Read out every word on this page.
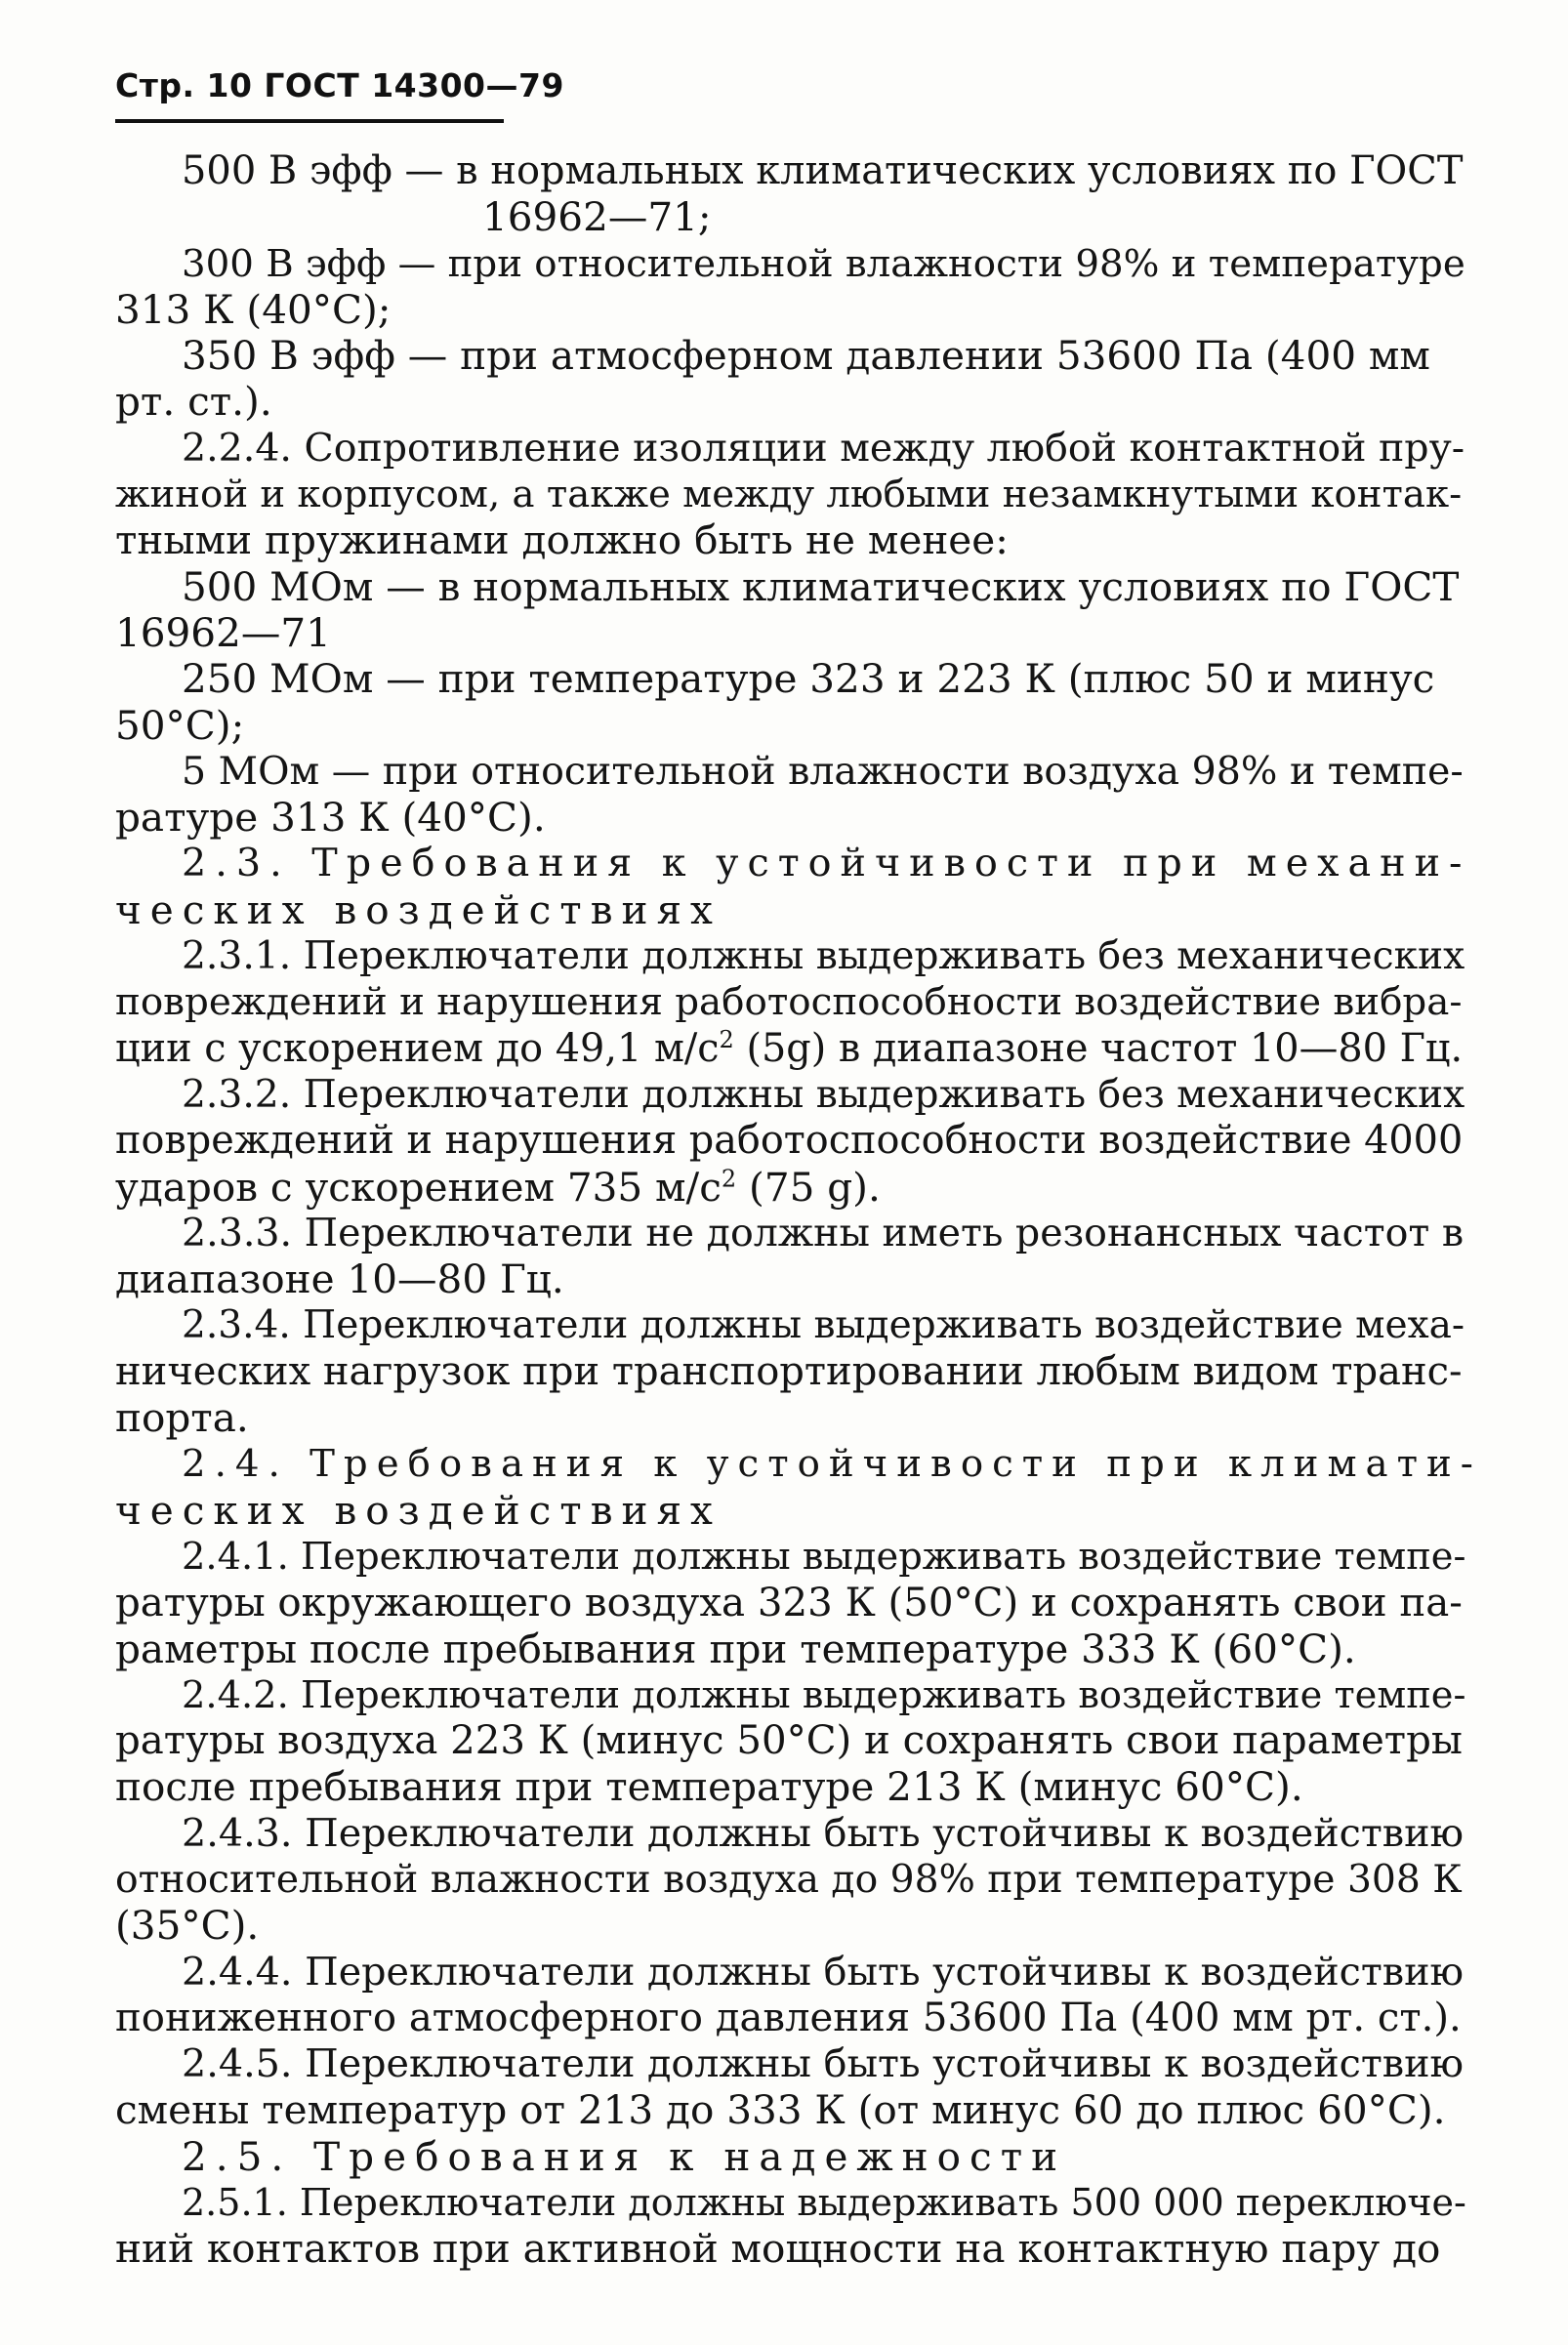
Стр. 10 ГОСТ 14300—79
500 В эфф — в нормальных климатических условиях по ГОСТ
16962—71;
300 В эфф — при относительной влажности 98% и температуре
313 К (40°С);
350 В эфф — при атмосферном давлении 53600 Па (400 мм
рт. ст.).
2.2.4. Сопротивление изоляции между любой контактной пру-
жиной и корпусом, а также между любыми незамкнутыми контак-
тными пружинами должно быть не менее:
500 МОм — в нормальных климатических условиях по ГОСТ
16962—71
250 МОм — при температуре 323 и 223 К (плюс 50 и минус
50°С);
5 МОм — при относительной влажности воздуха 98% и темпе-
ратуре 313 К (40°С).
2.3. Требования к устойчивости при механи-
ческих воздействиях
2.3.1. Переключатели должны выдерживать без механических
повреждений и нарушения работоспособности воздействие вибра-
ции с ускорением до 49,1 $м/с^2$ (5g) в диапазоне частот 10—80 Гц.
2.3.2. Переключатели должны выдерживать без механических
повреждений и нарушения работоспособности воздействие 4000
ударов с ускорением 735 $м/с^2$ (75 g).
2.3.3. Переключатели не должны иметь резонансных частот в
диапазоне 10—80 Гц.
2.3.4. Переключатели должны выдерживать воздействие меха-
нических нагрузок при транспортировании любым видом транс-
порта.
2.4. Требования к устойчивости при климати-
ческих воздействиях
2.4.1. Переключатели должны выдерживать воздействие темпе-
ратуры окружающего воздуха 323 К (50°С) и сохранять свои па-
раметры после пребывания при температуре 333 К (60°С).
2.4.2. Переключатели должны выдерживать воздействие темпе-
ратуры воздуха 223 К (минус 50°С) и сохранять свои параметры
после пребывания при температуре 213 К (минус 60°С).
2.4.3. Переключатели должны быть устойчивы к воздействию
относительной влажности воздуха до 98% при температуре 308 К
(35°С).
2.4.4. Переключатели должны быть устойчивы к воздействию
пониженного атмосферного давления 53600 Па (400 мм рт. ст.).
2.4.5. Переключатели должны быть устойчивы к воздействию
смены температур от 213 до 333 К (от минус 60 до плюс 60°С).
2.5. Требования к надежности
2.5.1. Переключатели должны выдерживать 500 000 переключе-
ний контактов при активной мощности на контактную пару до
